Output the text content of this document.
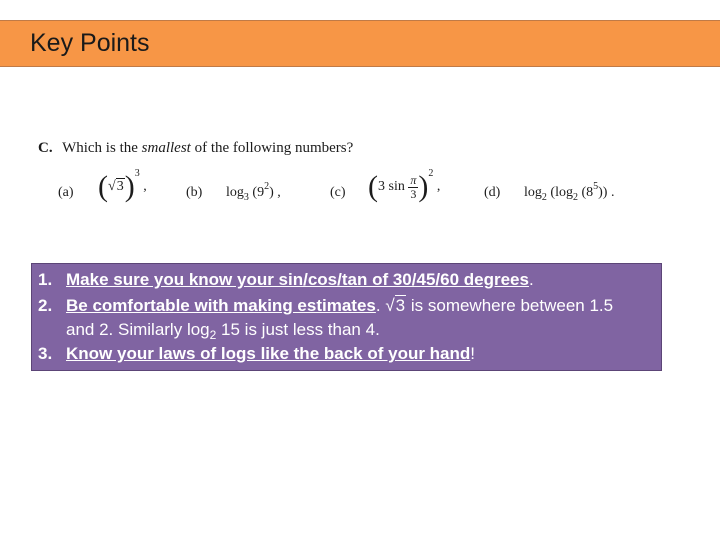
Key Points
C. Which is the smallest of the following numbers?
(a) $(√3)^3$ ,	(b) $\log_3 (9^2)$ ,	(c) (3 $\sin \frac{\pi}{3} )^2$ ,	(d) $\log_2 (\log_2$ $(8^5)$) .
1. Make sure you know your sin/cos/tan of 30/45/60 degrees.
2. Be comfortable with making estimates. √3 is somewhere between 1.5
and 2. Similarly $\log_2 15$ is just less than 4.
3. Know your laws of logs like the back of your hand!
